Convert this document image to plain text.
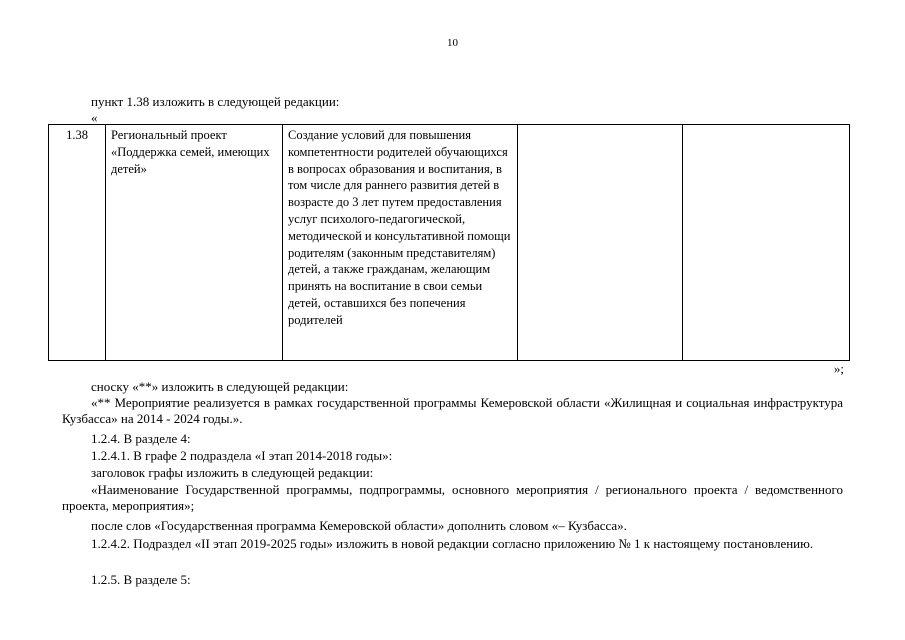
10
пункт 1.38 изложить в следующей редакции:
«
1.38	Региональный проект «Поддержка семей, имеющих детей»	Создание условий для повышения компетентности родителей обучающихся в вопросах образования и воспитания, в том числе для раннего развития детей в возрасте до 3 лет путем предоставления услуг психолого-педагогической, методической и консультативной помощи родителям (законным представителям) детей, а также гражданам, желающим принять на воспитание в свои семьи детей, оставшихся без попечения родителей		
»;
сноску «**» изложить в следующей редакции:
«** Мероприятие реализуется в рамках государственной программы Кемеровской области «Жилищная и социальная инфраструктура Кузбасса» на 2014 - 2024 годы.».
1.2.4. В разделе 4:
1.2.4.1. В графе 2 подраздела «I этап 2014-2018 годы»:
заголовок графы изложить в следующей редакции:
«Наименование Государственной программы, подпрограммы, основного мероприятия / регионального проекта / ведомственного проекта, мероприятия»;
после слов «Государственная программа Кемеровской области» дополнить словом «– Кузбасса».
1.2.4.2. Подраздел «II этап 2019-2025 годы» изложить в новой редакции согласно приложению № 1 к настоящему постановлению.
1.2.5. В разделе 5:
